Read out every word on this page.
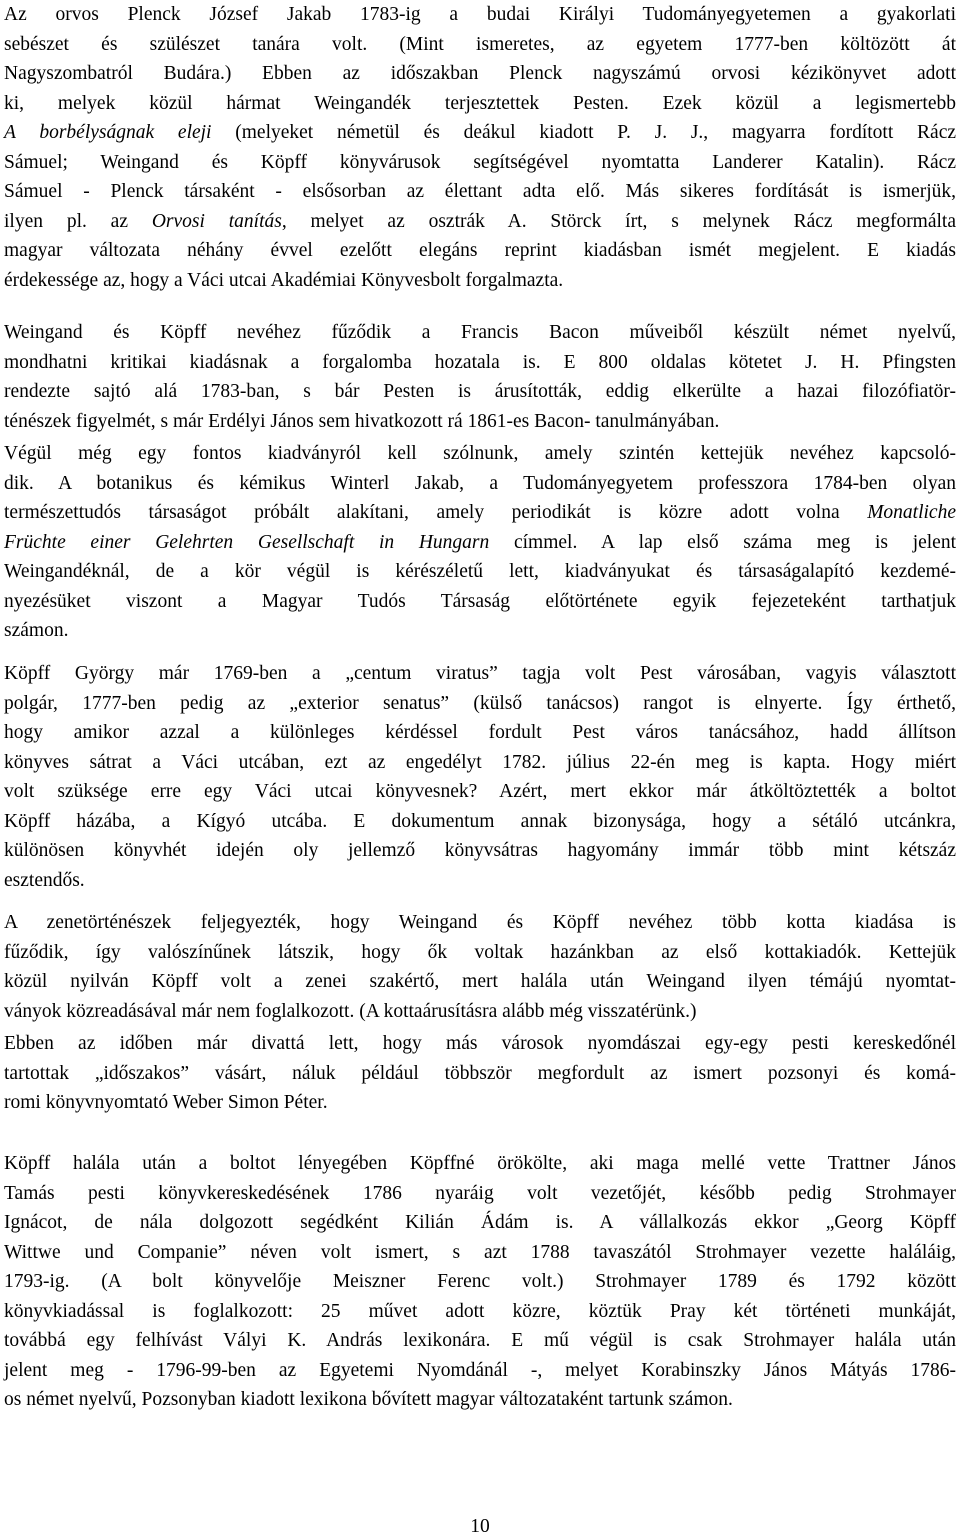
Az orvos Plenck József Jakab 1783-ig a budai Királyi Tudományegyetemen a gyakorlati
sebészet és szülészet tanára volt. (Mint ismeretes, az egyetem 1777-ben költözött át
Nagyszombatról Budára.) Ebben az időszakban Plenck nagyszámú orvosi kézikönyvet adott
ki, melyek közül hármat Weingandék terjesztettek Pesten. Ezek közül a legismertebb
A borbélyságnak eleji (melyeket németül és deákul kiadott P. J. J., magyarra fordított Rácz
Sámuel; Weingand és Köpff könyvárusok segítségével nyomtatta Landerer Katalin). Rácz
Sámuel - Plenck társaként - elsősorban az élettant adta elő. Más sikeres fordítását is ismerjük,
ilyen pl. az Orvosi tanítás, melyet az osztrák A. Störck írt, s melynek Rácz megformálta
magyar változata néhány évvel ezelőtt elegáns reprint kiadásban ismét megjelent. E kiadás
érdekessége az, hogy a Váci utcai Akadémiai Könyvesbolt forgalmazta.
Weingand és Köpff nevéhez fűződik a Francis Bacon műveiből készült német nyelvű,
mondhatni kritikai kiadásnak a forgalomba hozatala is. E 800 oldalas kötetet J. H. Pfingsten
rendezte sajtó alá 1783-ban, s bár Pesten is árusították, eddig elkerülte a hazai filozófiatör-
ténészek figyelmét, s már Erdélyi János sem hivatkozott rá 1861-es Bacon- tanulmányában.
Végül még egy fontos kiadványról kell szólnunk, amely szintén kettejük nevéhez kapcsoló-
dik. A botanikus és kémikus Winterl Jakab, a Tudományegyetem professzora 1784-ben olyan
természettudós társaságot próbált alakítani, amely periodikát is közre adott volna Monatliche
Früchte einer Gelehrten Gesellschaft in Hungarn címmel. A lap első száma meg is jelent
Weingandéknál, de a kör végül is kérészéletű lett, kiadványukat és társaságalapító kezdemé-
nyezésüket viszont a Magyar Tudós Társaság előtörténete egyik fejezeteként tarthatjuk
számon.
Köpff György már 1769-ben a „centum viratus” tagja volt Pest városában, vagyis választott
polgár, 1777-ben pedig az „exterior senatus” (külső tanácsos) rangot is elnyerte. Így érthető,
hogy amikor azzal a különleges kérdéssel fordult Pest város tanácsához, hadd állítson
könyves sátrat a Váci utcában, ezt az engedélyt 1782. július 22-én meg is kapta. Hogy miért
volt szüksége erre egy Váci utcai könyvesnek? Azért, mert ekkor már átköltöztették a boltot
Köpff házába, a Kígyó utcába. E dokumentum annak bizonysága, hogy a sétáló utcánkra,
különösen könyvhét idején oly jellemző könyvsátras hagyomány immár több mint kétszáz
esztendős.
A zenetörténészek feljegyezték, hogy Weingand és Köpff nevéhez több kotta kiadása is
fűződik, így valószínűnek látszik, hogy ők voltak hazánkban az első kottakiadók. Kettejük
közül nyilván Köpff volt a zenei szakértő, mert halála után Weingand ilyen témájú nyomtat-
ványok közreadásával már nem foglalkozott. (A kottaárusításra alább még visszatérünk.)
Ebben az időben már divattá lett, hogy más városok nyomdászai egy-egy pesti kereskedőnél
tartottak „időszakos” vásárt, náluk például többször megfordult az ismert pozsonyi és komá-
romi könyvnyomtató Weber Simon Péter.
Köpff halála után a boltot lényegében Köpffné örökölte, aki maga mellé vette Trattner János
Tamás pesti könyvkereskedésének 1786 nyaráig volt vezetőjét, később pedig Strohmayer
Ignácot, de nála dolgozott segédként Kilián Ádám is. A vállalkozás ekkor „Georg Köpff
Wittwe und Companie” néven volt ismert, s azt 1788 tavaszától Strohmayer vezette haláláig,
1793-ig. (A bolt könyvelője Meiszner Ferenc volt.) Strohmayer 1789 és 1792 között
könyvkiadással is foglalkozott: 25 művet adott közre, köztük Pray két történeti munkáját,
továbbá egy felhívást Vályi K. András lexikonára. E mű végül is csak Strohmayer halála után
jelent meg - 1796-99-ben az Egyetemi Nyomdánál -, melyet Korabinszky János Mátyás 1786-
os német nyelvű, Pozsonyban kiadott lexikona bővített magyar változataként tartunk számon.
10
